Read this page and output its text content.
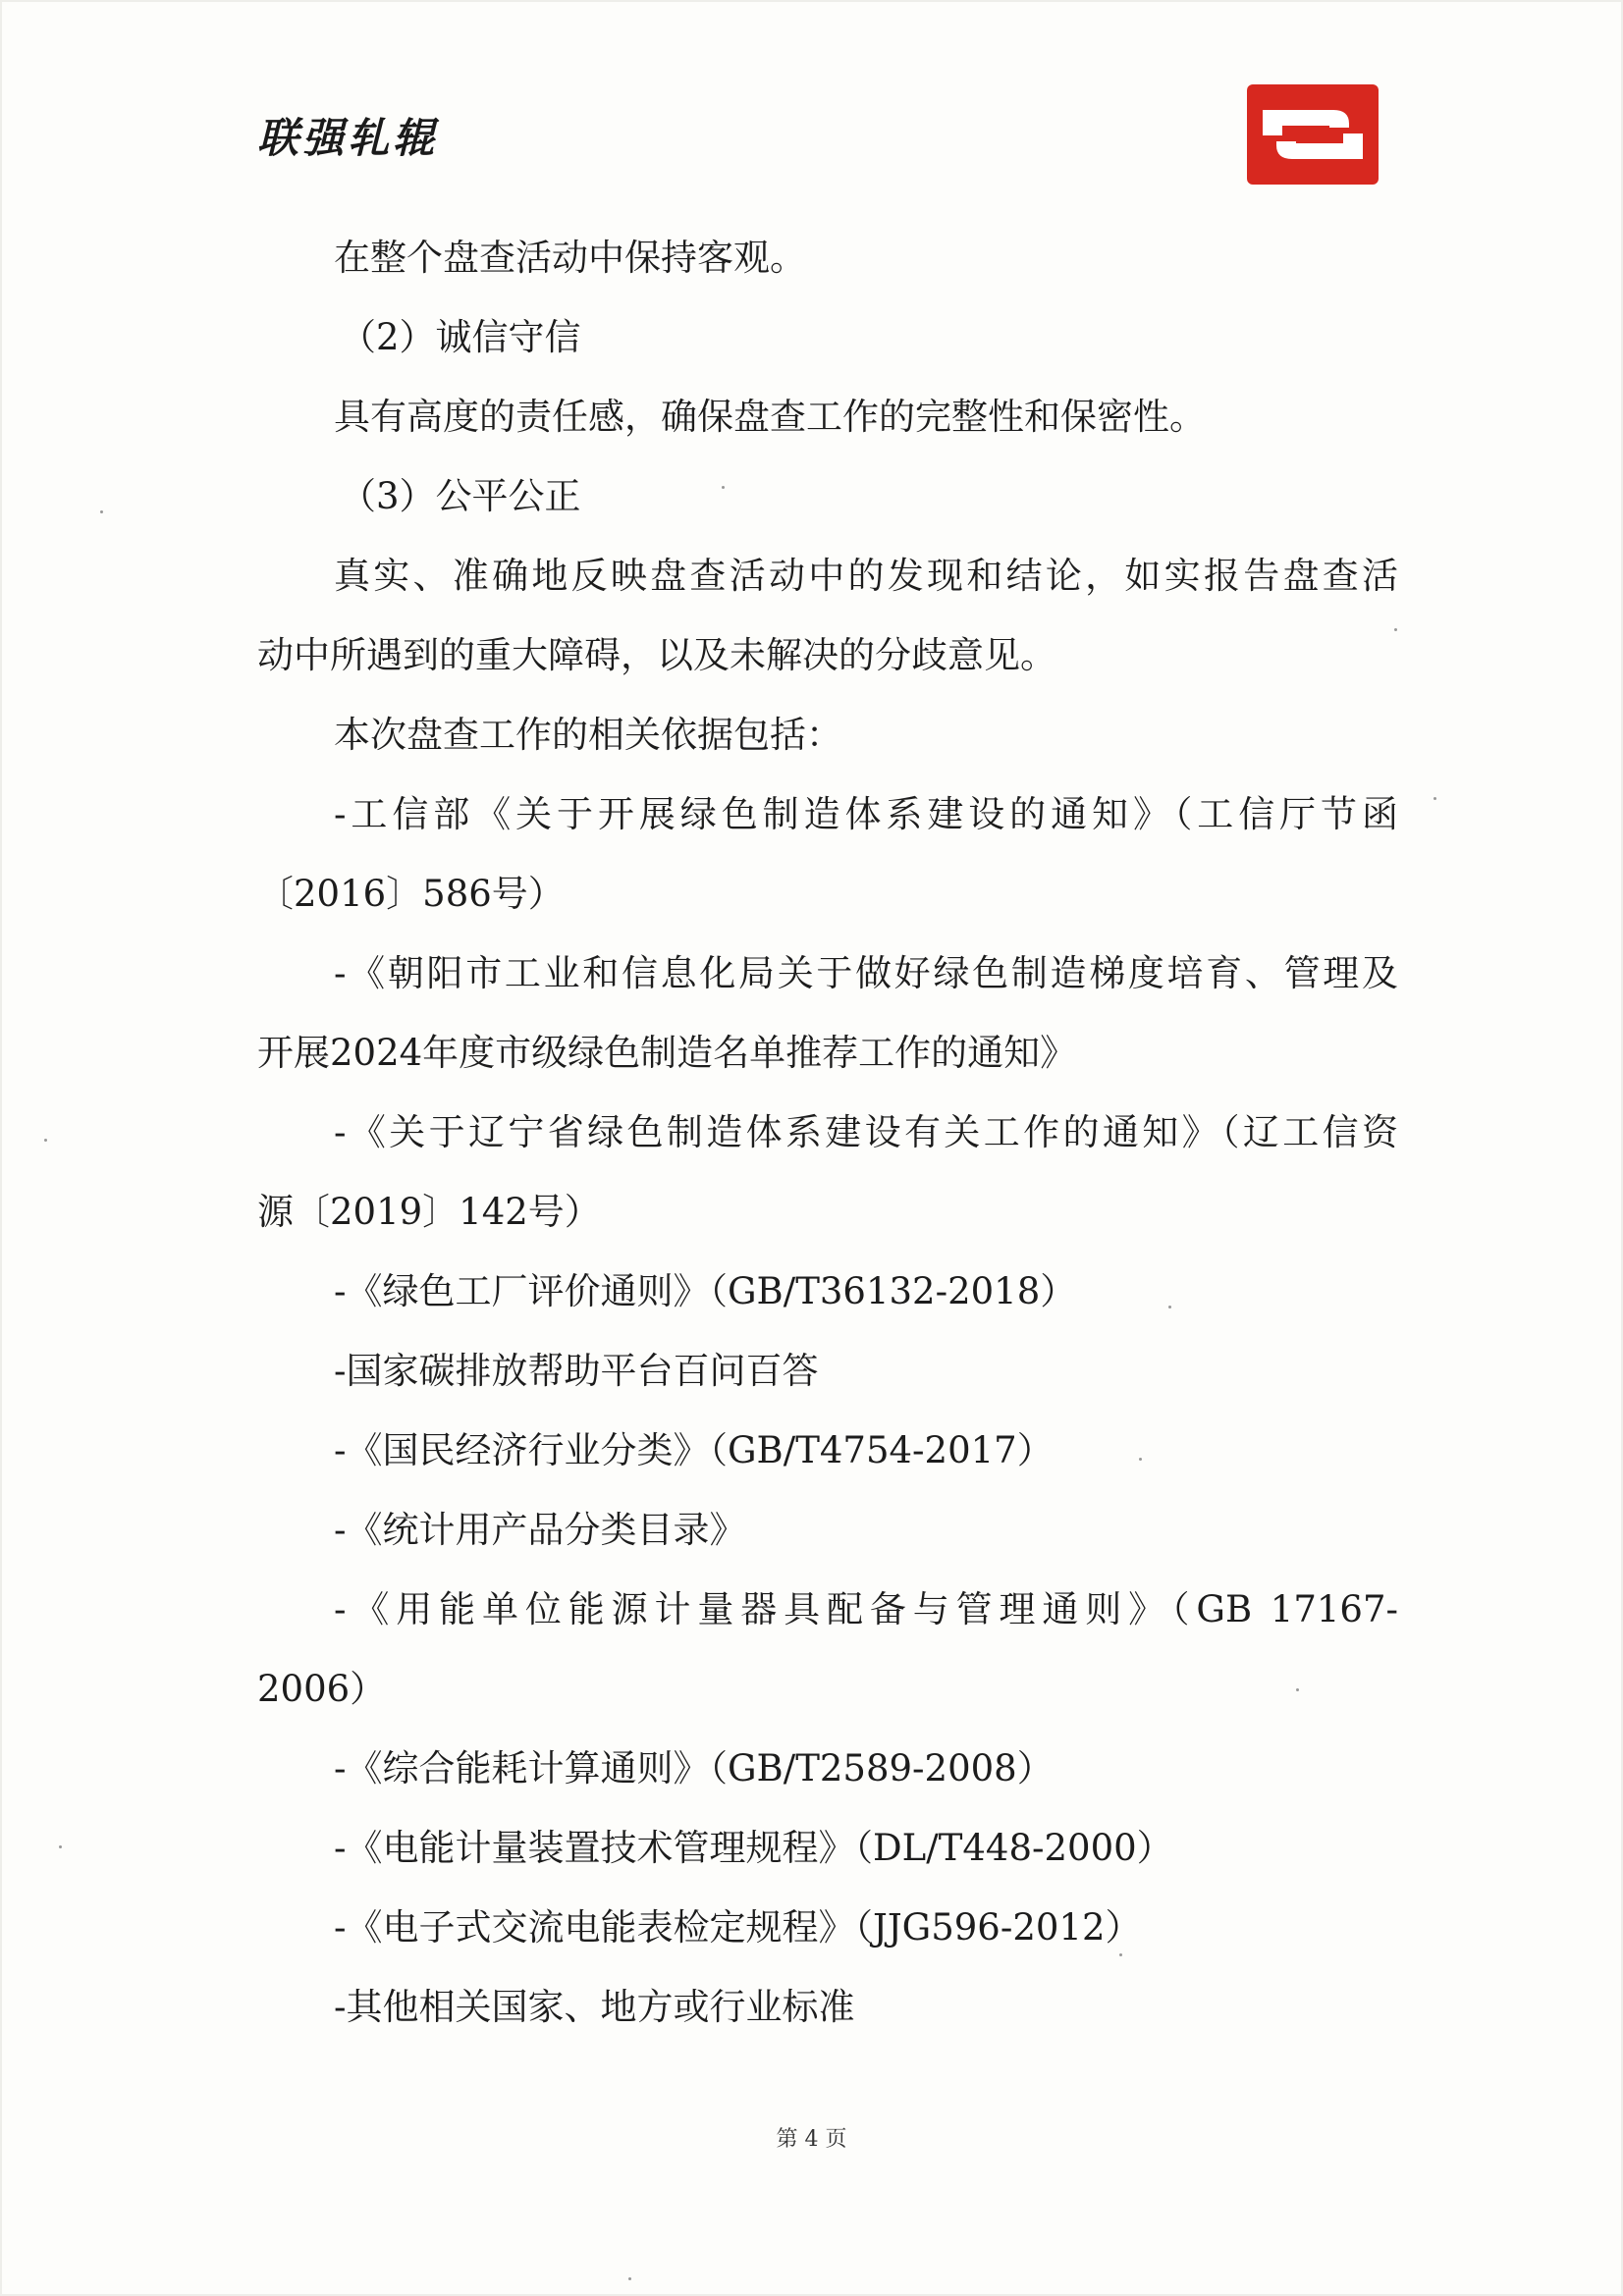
联强轧辊
在整个盘查活动中保持客观。
（2）诚信守信
具有高度的责任感，确保盘查工作的完整性和保密性。
（3）公平公正
真实、准确地反映盘查活动中的发现和结论，如实报告盘查活
动中所遇到的重大障碍，以及未解决的分歧意见。
本次盘查工作的相关依据包括：
-工信部《关于开展绿色制造体系建设的通知》（工信厅节函
〔2016〕586号）
-《朝阳市工业和信息化局关于做好绿色制造梯度培育、管理及
开展2024年度市级绿色制造名单推荐工作的通知》
-《关于辽宁省绿色制造体系建设有关工作的通知》（辽工信资
源〔2019〕142号）
-《绿色工厂评价通则》（GB/T36132-2018）
-国家碳排放帮助平台百问百答
-《国民经济行业分类》（GB/T4754-2017）
-《统计用产品分类目录》
-《用能单位能源计量器具配备与管理通则》（GB 17167-
2006）
-《综合能耗计算通则》（GB/T2589-2008）
-《电能计量装置技术管理规程》（DL/T448-2000）
-《电子式交流电能表检定规程》（JJG596-2012）
-其他相关国家、地方或行业标准
第 4 页
